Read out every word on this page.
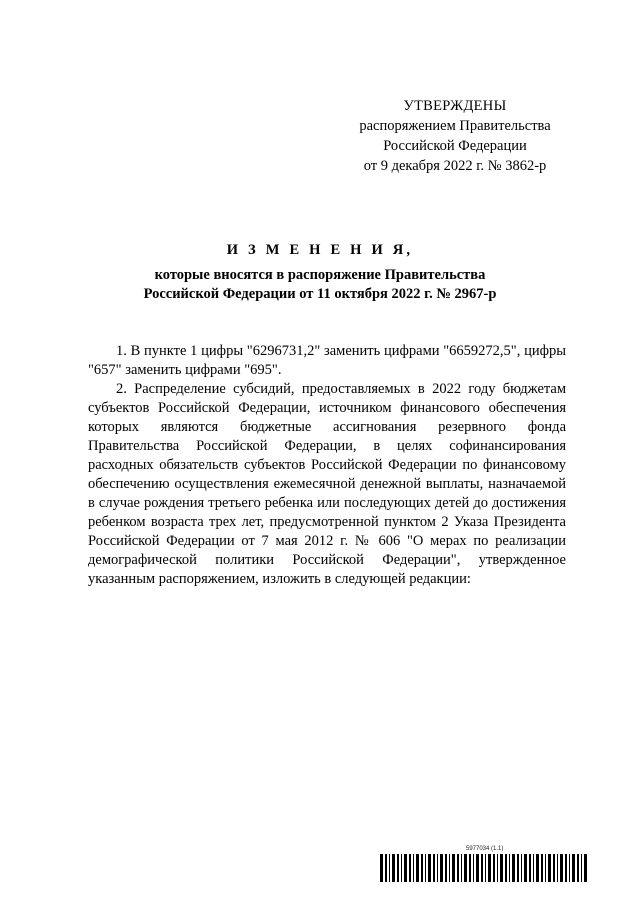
УТВЕРЖДЕНЫ
распоряжением Правительства
Российской Федерации
от 9 декабря 2022 г. № 3862-р
И З М Е Н Е Н И Я,
которые вносятся в распоряжение Правительства
Российской Федерации от 11 октября 2022 г. № 2967-р

1. В пункте 1 цифры "6296731,2" заменить цифрами "6659272,5", цифры "657" заменить цифрами "695".

2. Распределение субсидий, предоставляемых в 2022 году бюджетам субъектов Российской Федерации, источником финансового обеспечения которых являются бюджетные ассигнования резервного фонда Правительства Российской Федерации, в целях софинансирования расходных обязательств субъектов Российской Федерации по финансовому обеспечению осуществления ежемесячной денежной выплаты, назначаемой в случае рождения третьего ребенка или последующих детей до достижения ребенком возраста трех лет, предусмотренной пунктом 2 Указа Президента Российской Федерации от 7 мая 2012 г. № 606 "О мерах по реализации демографической политики Российской Федерации", утвержденное указанным распоряжением, изложить в следующей редакции:

5977034 (1.1)
